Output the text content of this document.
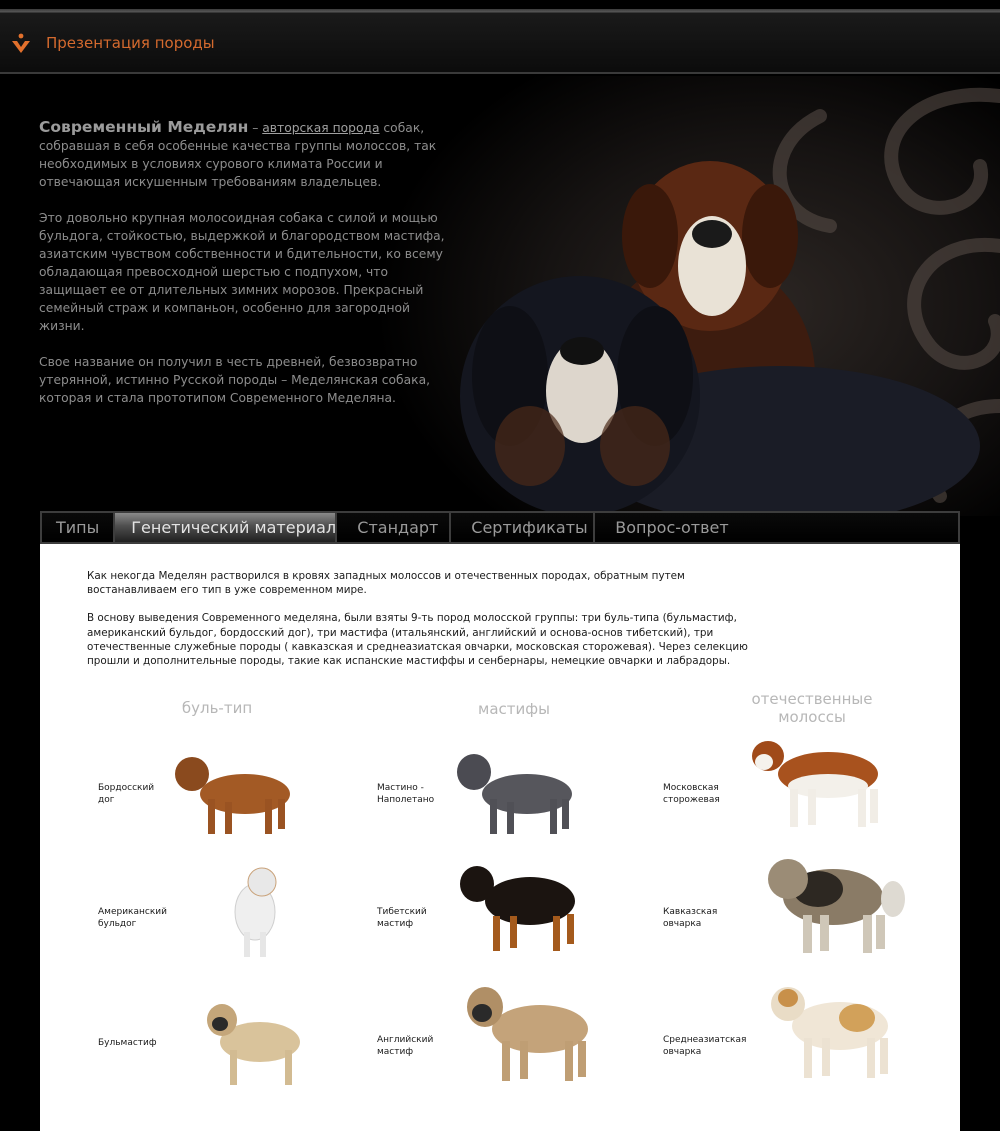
Презентация породы

Современный Меделян – авторская порода собак, собравшая в себя особенные качества группы молоссов, так необходимых в условиях сурового климата России и отвечающая искушенным требованиям владельцев.

Это довольно крупная молосоидная собака с силой и мощью бульдога, стойкостью, выдержкой и благородством мастифа, азиатским чувством собственности и бдительности, ко всему обладающая превосходной шерстью с подпухом, что защищает ее от длительных зимних морозов. Прекрасный семейный страж и компаньон, особенно для загородной жизни.

Свое название он получил в честь древней, безвозвратно утерянной, истинно Русской породы – Меделянская собака, которая и стала прототипом Современного Меделяна.

Типы	Генетический материал	Стандарт	Сертификаты	Вопрос-ответ

Как некогда Меделян растворился в кровях западных молоссов и отечественных породах, обратным путем востанавливаем его тип в уже современном мире.

В основу выведения Современного меделяна, были взяты 9-ть пород молосской группы: три буль-типа (бульмастиф, американский бульдог, бордосский дог), три мастифа (итальянский, английский и основа-основ тибетский), три отечественные служебные породы ( кавказская и среднеазиатская овчарки, московская сторожевая). Через селекцию прошли и дополнительные породы, такие как испанские мастиффы и сенбернары, немецкие овчарки и лабрадоры.

буль-тип	мастифы
отечественные молоссы
Бордосский дог
Американский бульдог
Бульмастиф
Мастино - Наполетано
Тибетский мастиф
Английский мастиф
Московская сторожевая
Кавказская овчарка
Среднеазиатская овчарка
